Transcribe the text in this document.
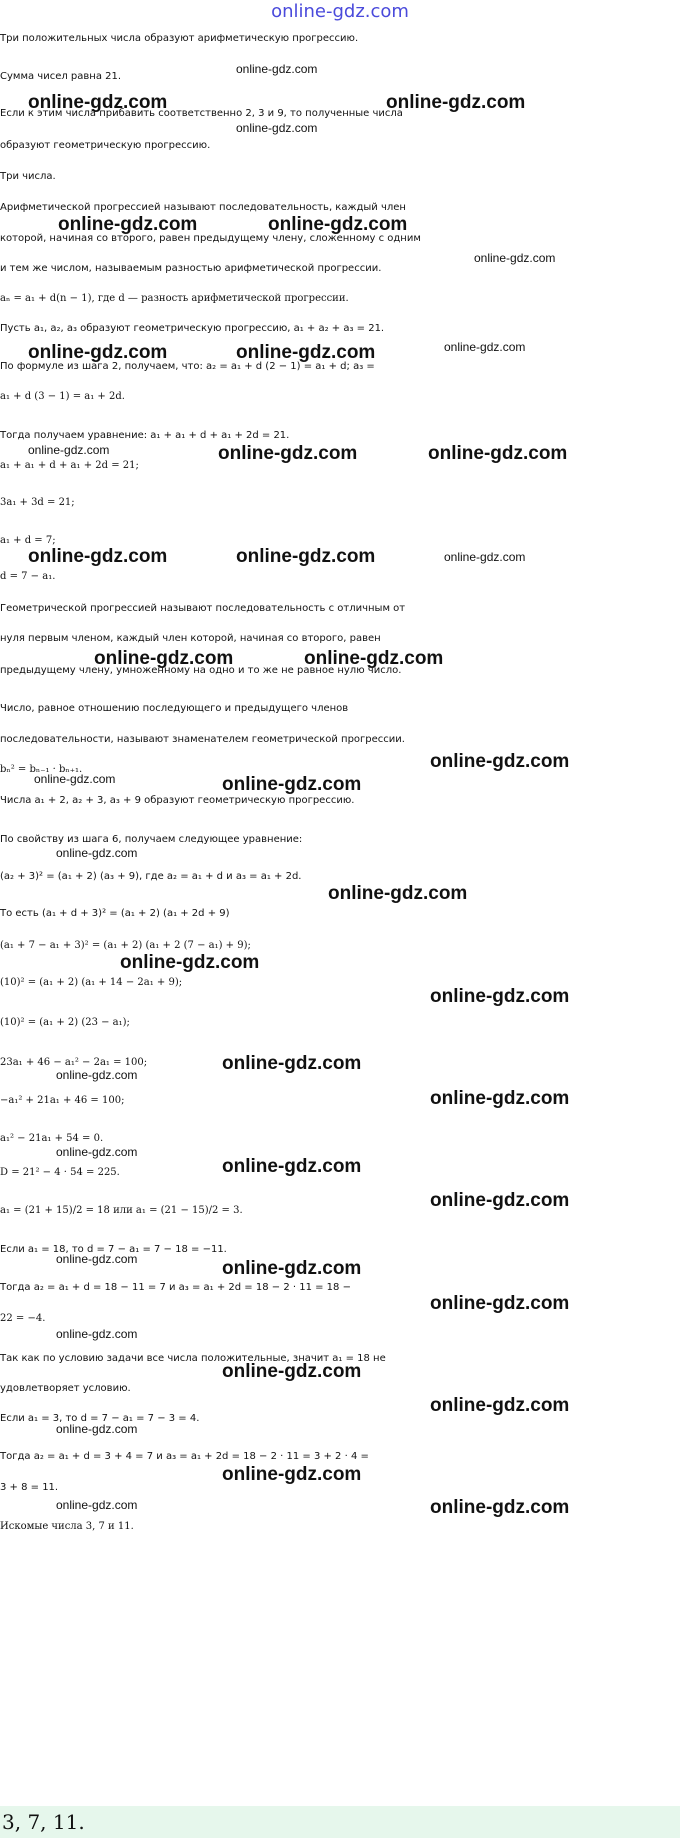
online-gdz.com
Три положительных числа образуют арифметическую прогрессию.
Сумма чисел равна 21.
Если к этим числа прибавить соответственно 2, 3 и 9, то полученные числа
образуют геометрическую прогрессию.
Три числа.
Арифметической прогрессией называют последовательность, каждый член
которой, начиная со второго, равен предыдущему члену, сложенному с одним
и тем же числом, называемым разностью арифметической прогрессии.
aₙ = a₁ + d(n − 1), где d — разность арифметической прогрессии.
Пусть a₁, a₂, a₃ образуют геометрическую прогрессию, a₁ + a₂ + a₃ = 21.
По формуле из шага 2, получаем, что: a₂ = a₁ + d (2 − 1) = a₁ + d; a₃ =
a₁ + d (3 − 1) = a₁ + 2d.
Тогда получаем уравнение: a₁ + a₁ + d + a₁ + 2d = 21.
a₁ + a₁ + d + a₁ + 2d = 21;
3a₁ + 3d = 21;
a₁ + d = 7;
d = 7 − a₁.
Геометрической прогрессией называют последовательность с отличным от
нуля первым членом, каждый член которой, начиная со второго, равен
предыдущему члену, умноженному на одно и то же не равное нулю число.
Число, равное отношению последующего и предыдущего членов
последовательности, называют знаменателем геометрической прогрессии.
bₙ² = bₙ₋₁ · bₙ₊₁.
Числа a₁ + 2, a₂ + 3, a₃ + 9 образуют геометрическую прогрессию.
По свойству из шага 6, получаем следующее уравнение:
(a₂ + 3)² = (a₁ + 2) (a₃ + 9), где a₂ = a₁ + d и a₃ = a₁ + 2d.
То есть (a₁ + d + 3)² = (a₁ + 2) (a₁ + 2d + 9)
(a₁ + 7 − a₁ + 3)² = (a₁ + 2) (a₁ + 2 (7 − a₁) + 9);
(10)² = (a₁ + 2) (a₁ + 14 − 2a₁ + 9);
(10)² = (a₁ + 2) (23 − a₁);
23a₁ + 46 − a₁² − 2a₁ = 100;
−a₁² + 21a₁ + 46 = 100;
a₁² − 21a₁ + 54 = 0.
D = 21² − 4 · 54 = 225.
a₁ = (21 + 15)/2 = 18 или a₁ = (21 − 15)/2 = 3.
Если a₁ = 18, то d = 7 − a₁ = 7 − 18 = −11.
Тогда a₂ = a₁ + d = 18 − 11 = 7 и a₃ = a₁ + 2d = 18 − 2 · 11 = 18 −
22 = −4.
Так как по условию задачи все числа положительные, значит a₁ = 18 не
удовлетворяет условию.
Если a₁ = 3, то d = 7 − a₁ = 7 − 3 = 4.
Тогда a₂ = a₁ + d = 3 + 4 = 7 и a₃ = a₁ + 2d = 18 − 2 · 11 = 3 + 2 · 4 =
3 + 8 = 11.
Искомые числа 3, 7 и 11.
online-gdz.com	online-gdz.com
online-gdz.com	online-gdz.com
online-gdz.com	online-gdz.com
online-gdz.com	online-gdz.com
online-gdz.com	online-gdz.com
online-gdz.com	online-gdz.com
online-gdz.com
online-gdz.com
online-gdz.com
online-gdz.com
online-gdz.com
online-gdz.com
online-gdz.com
online-gdz.com
online-gdz.com
online-gdz.com
online-gdz.com
online-gdz.com
online-gdz.com
online-gdz.com
online-gdz.com
online-gdz.com
online-gdz.com
online-gdz.com
online-gdz.com
online-gdz.com
online-gdz.com
online-gdz.com
online-gdz.com
online-gdz.com
online-gdz.com
online-gdz.com
online-gdz.com
online-gdz.com
online-gdz.com
3, 7, 11.
